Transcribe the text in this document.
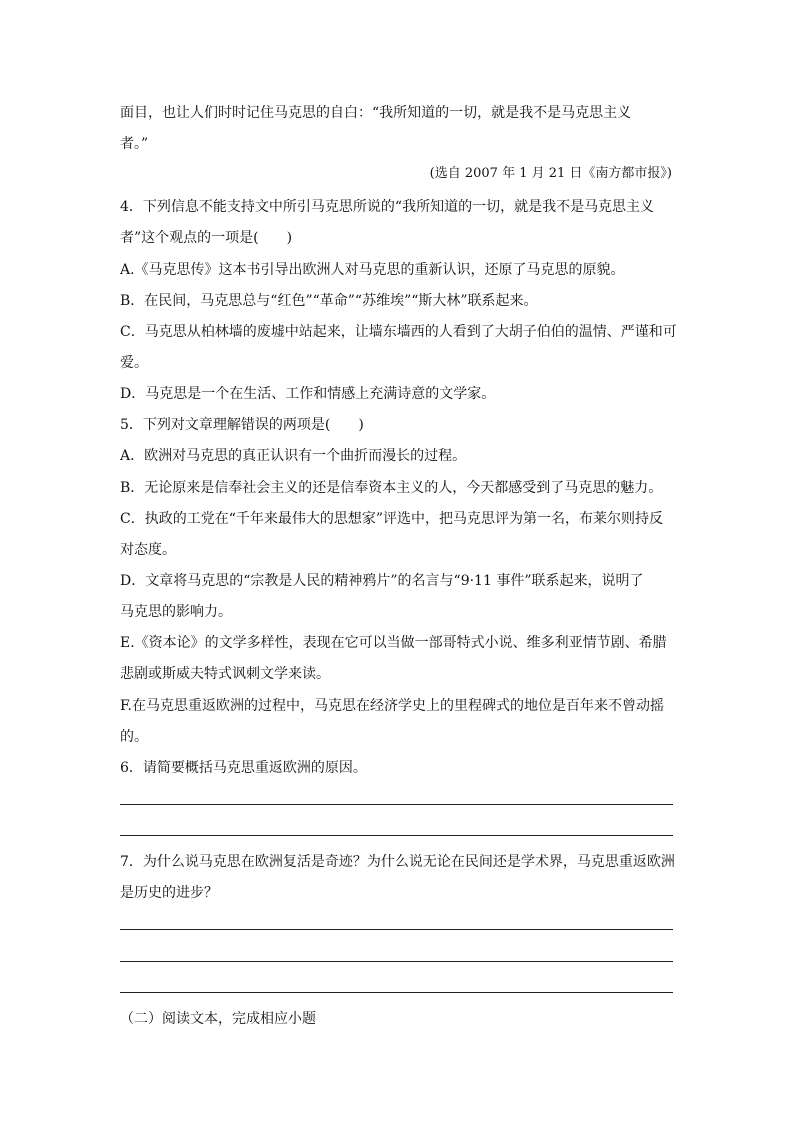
面目，也让人们时时记住马克思的自白：“我所知道的一切，就是我不是马克思主义
者。”
(选自 2007 年 1 月 21 日《南方都市报》)
4．下列信息不能支持文中所引马克思所说的“我所知道的一切，就是我不是马克思主义
者”这个观点的一项是(　　)
A.《马克思传》这本书引导出欧洲人对马克思的重新认识，还原了马克思的原貌。
B．在民间，马克思总与“红色”“革命”“苏维埃”“斯大林”联系起来。
C．马克思从柏林墙的废墟中站起来，让墙东墙西的人看到了大胡子伯伯的温情、严谨和可
爱。
D．马克思是一个在生活、工作和情感上充满诗意的文学家。
5．下列对文章理解错误的两项是(　　)
A．欧洲对马克思的真正认识有一个曲折而漫长的过程。
B．无论原来是信奉社会主义的还是信奉资本主义的人，今天都感受到了马克思的魅力。
C．执政的工党在“千年来最伟大的思想家”评选中，把马克思评为第一名，布莱尔则持反
对态度。
D．文章将马克思的“宗教是人民的精神鸦片”的名言与“9·11 事件”联系起来，说明了
马克思的影响力。
E.《资本论》的文学多样性，表现在它可以当做一部哥特式小说、维多利亚情节剧、希腊
悲剧或斯威夫特式讽刺文学来读。
F.在马克思重返欧洲的过程中，马克思在经济学史上的里程碑式的地位是百年来不曾动摇
的。
6．请简要概括马克思重返欧洲的原因。
7．为什么说马克思在欧洲复活是奇迹？为什么说无论在民间还是学术界，马克思重返欧洲
是历史的进步？
（二）阅读文本，完成相应小题
